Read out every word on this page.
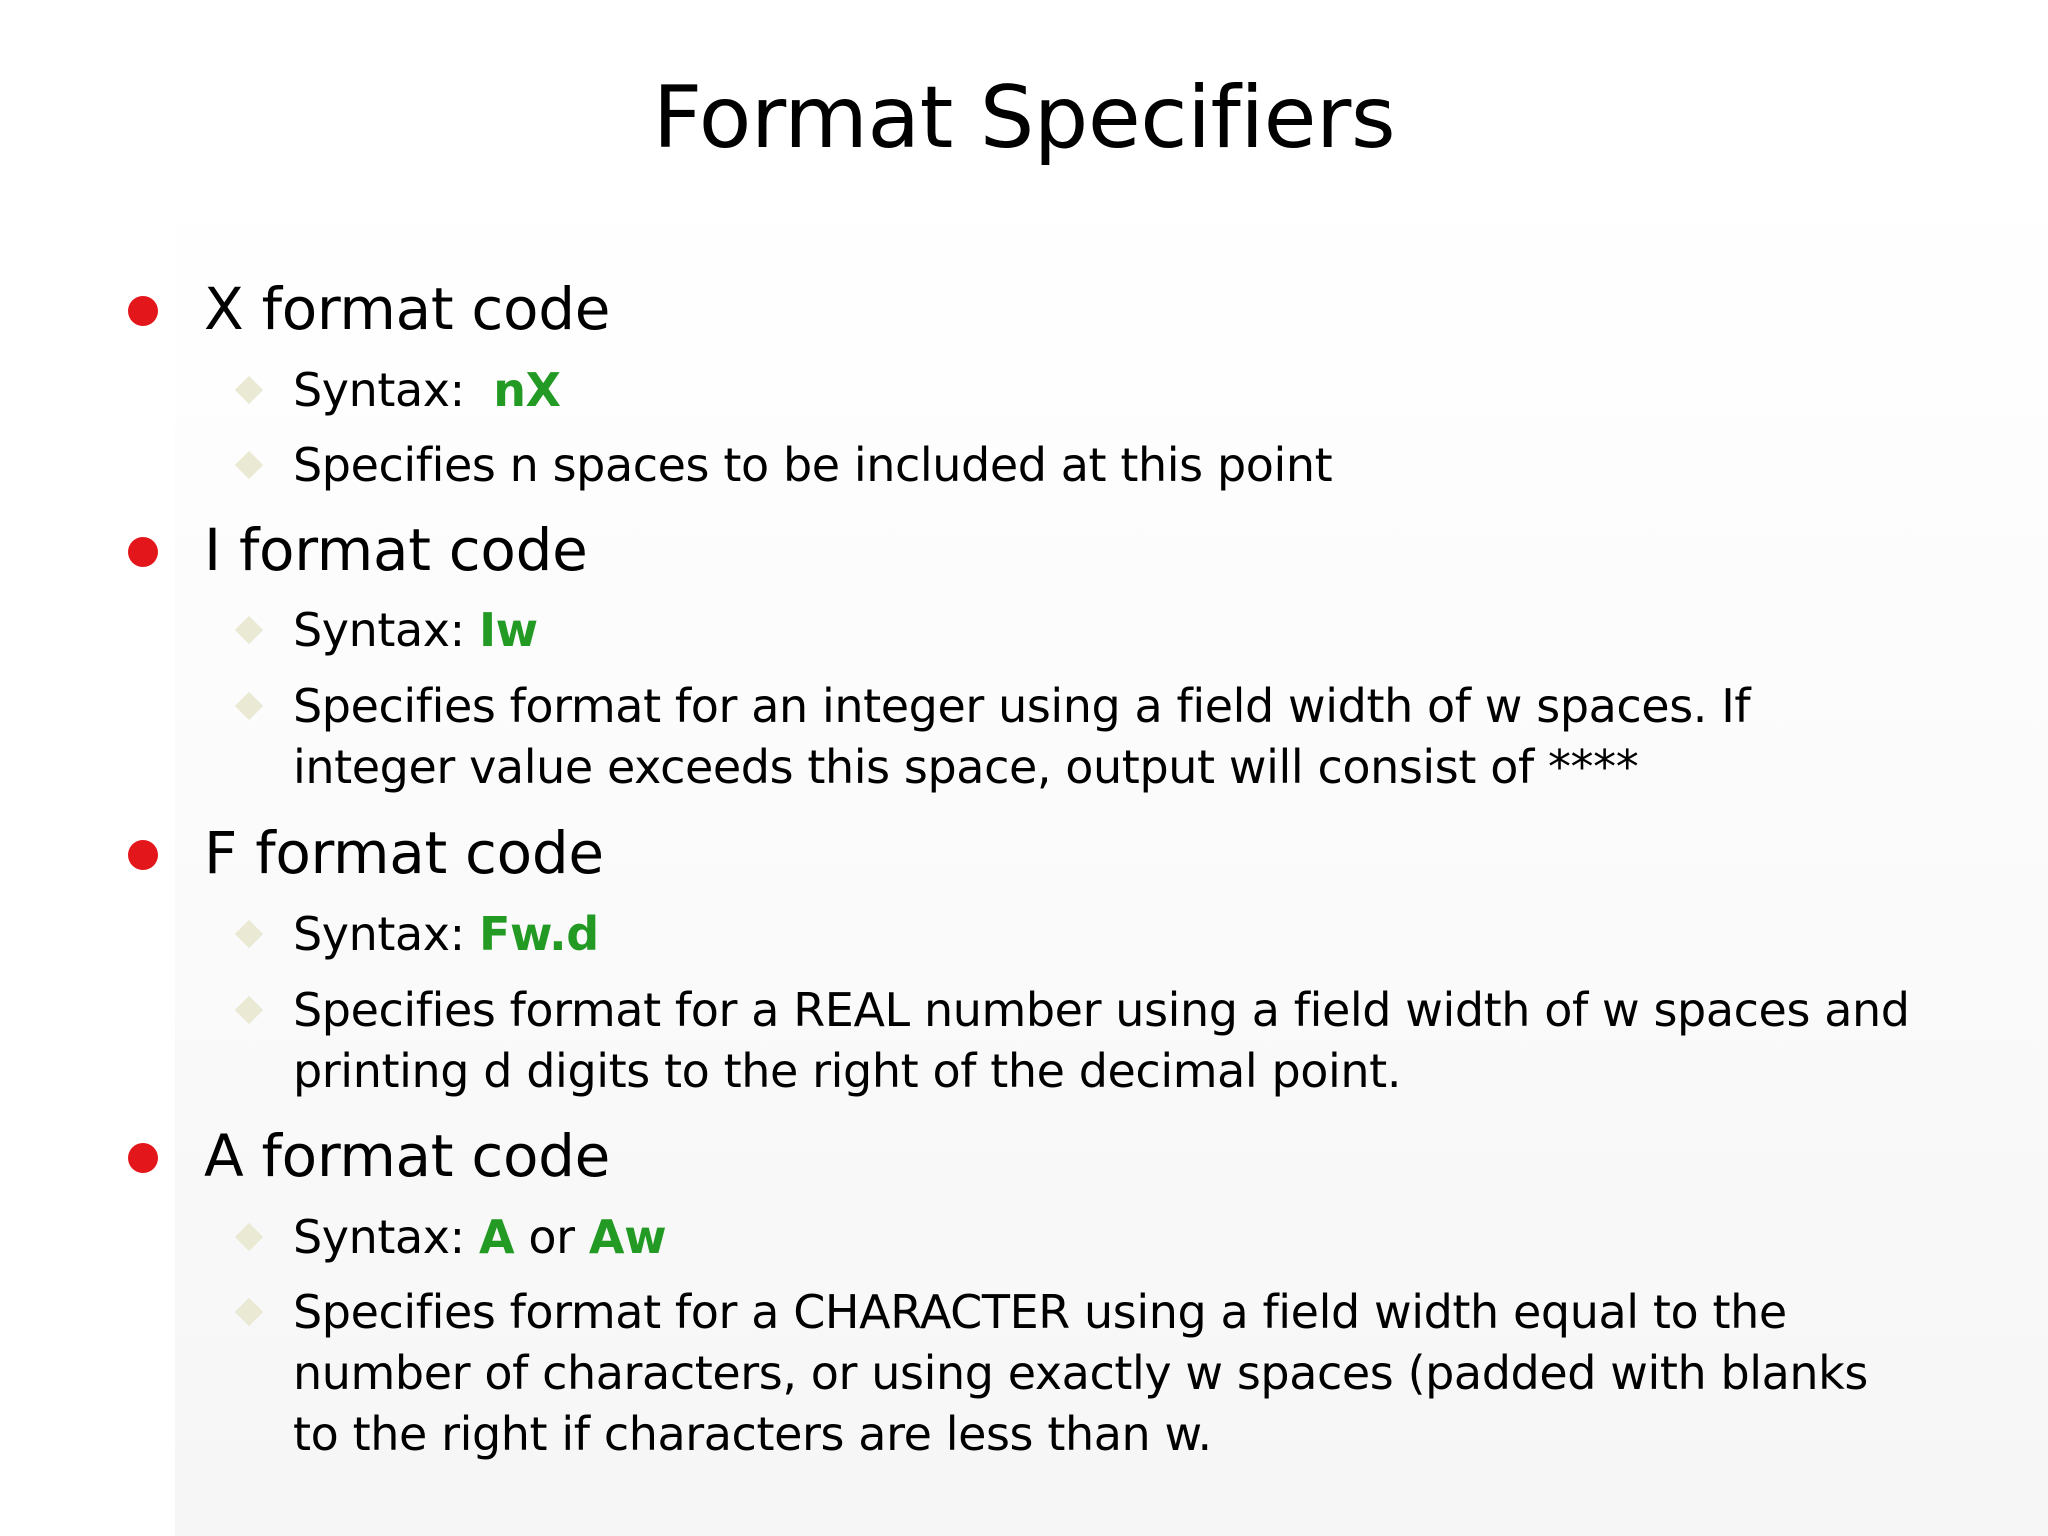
Format Specifiers
X format code
Syntax: nX
Specifies n spaces to be included at this point
I format code
Syntax: Iw
Specifies format for an integer using a field width of w spaces. If integer value exceeds this space, output will consist of ****
F format code
Syntax: Fw.d
Specifies format for a REAL number using a field width of w spaces and printing d digits to the right of the decimal point.
A format code
Syntax: A or Aw
Specifies format for a CHARACTER using a field width equal to the number of characters, or using exactly w spaces (padded with blanks to the right if characters are less than w.
